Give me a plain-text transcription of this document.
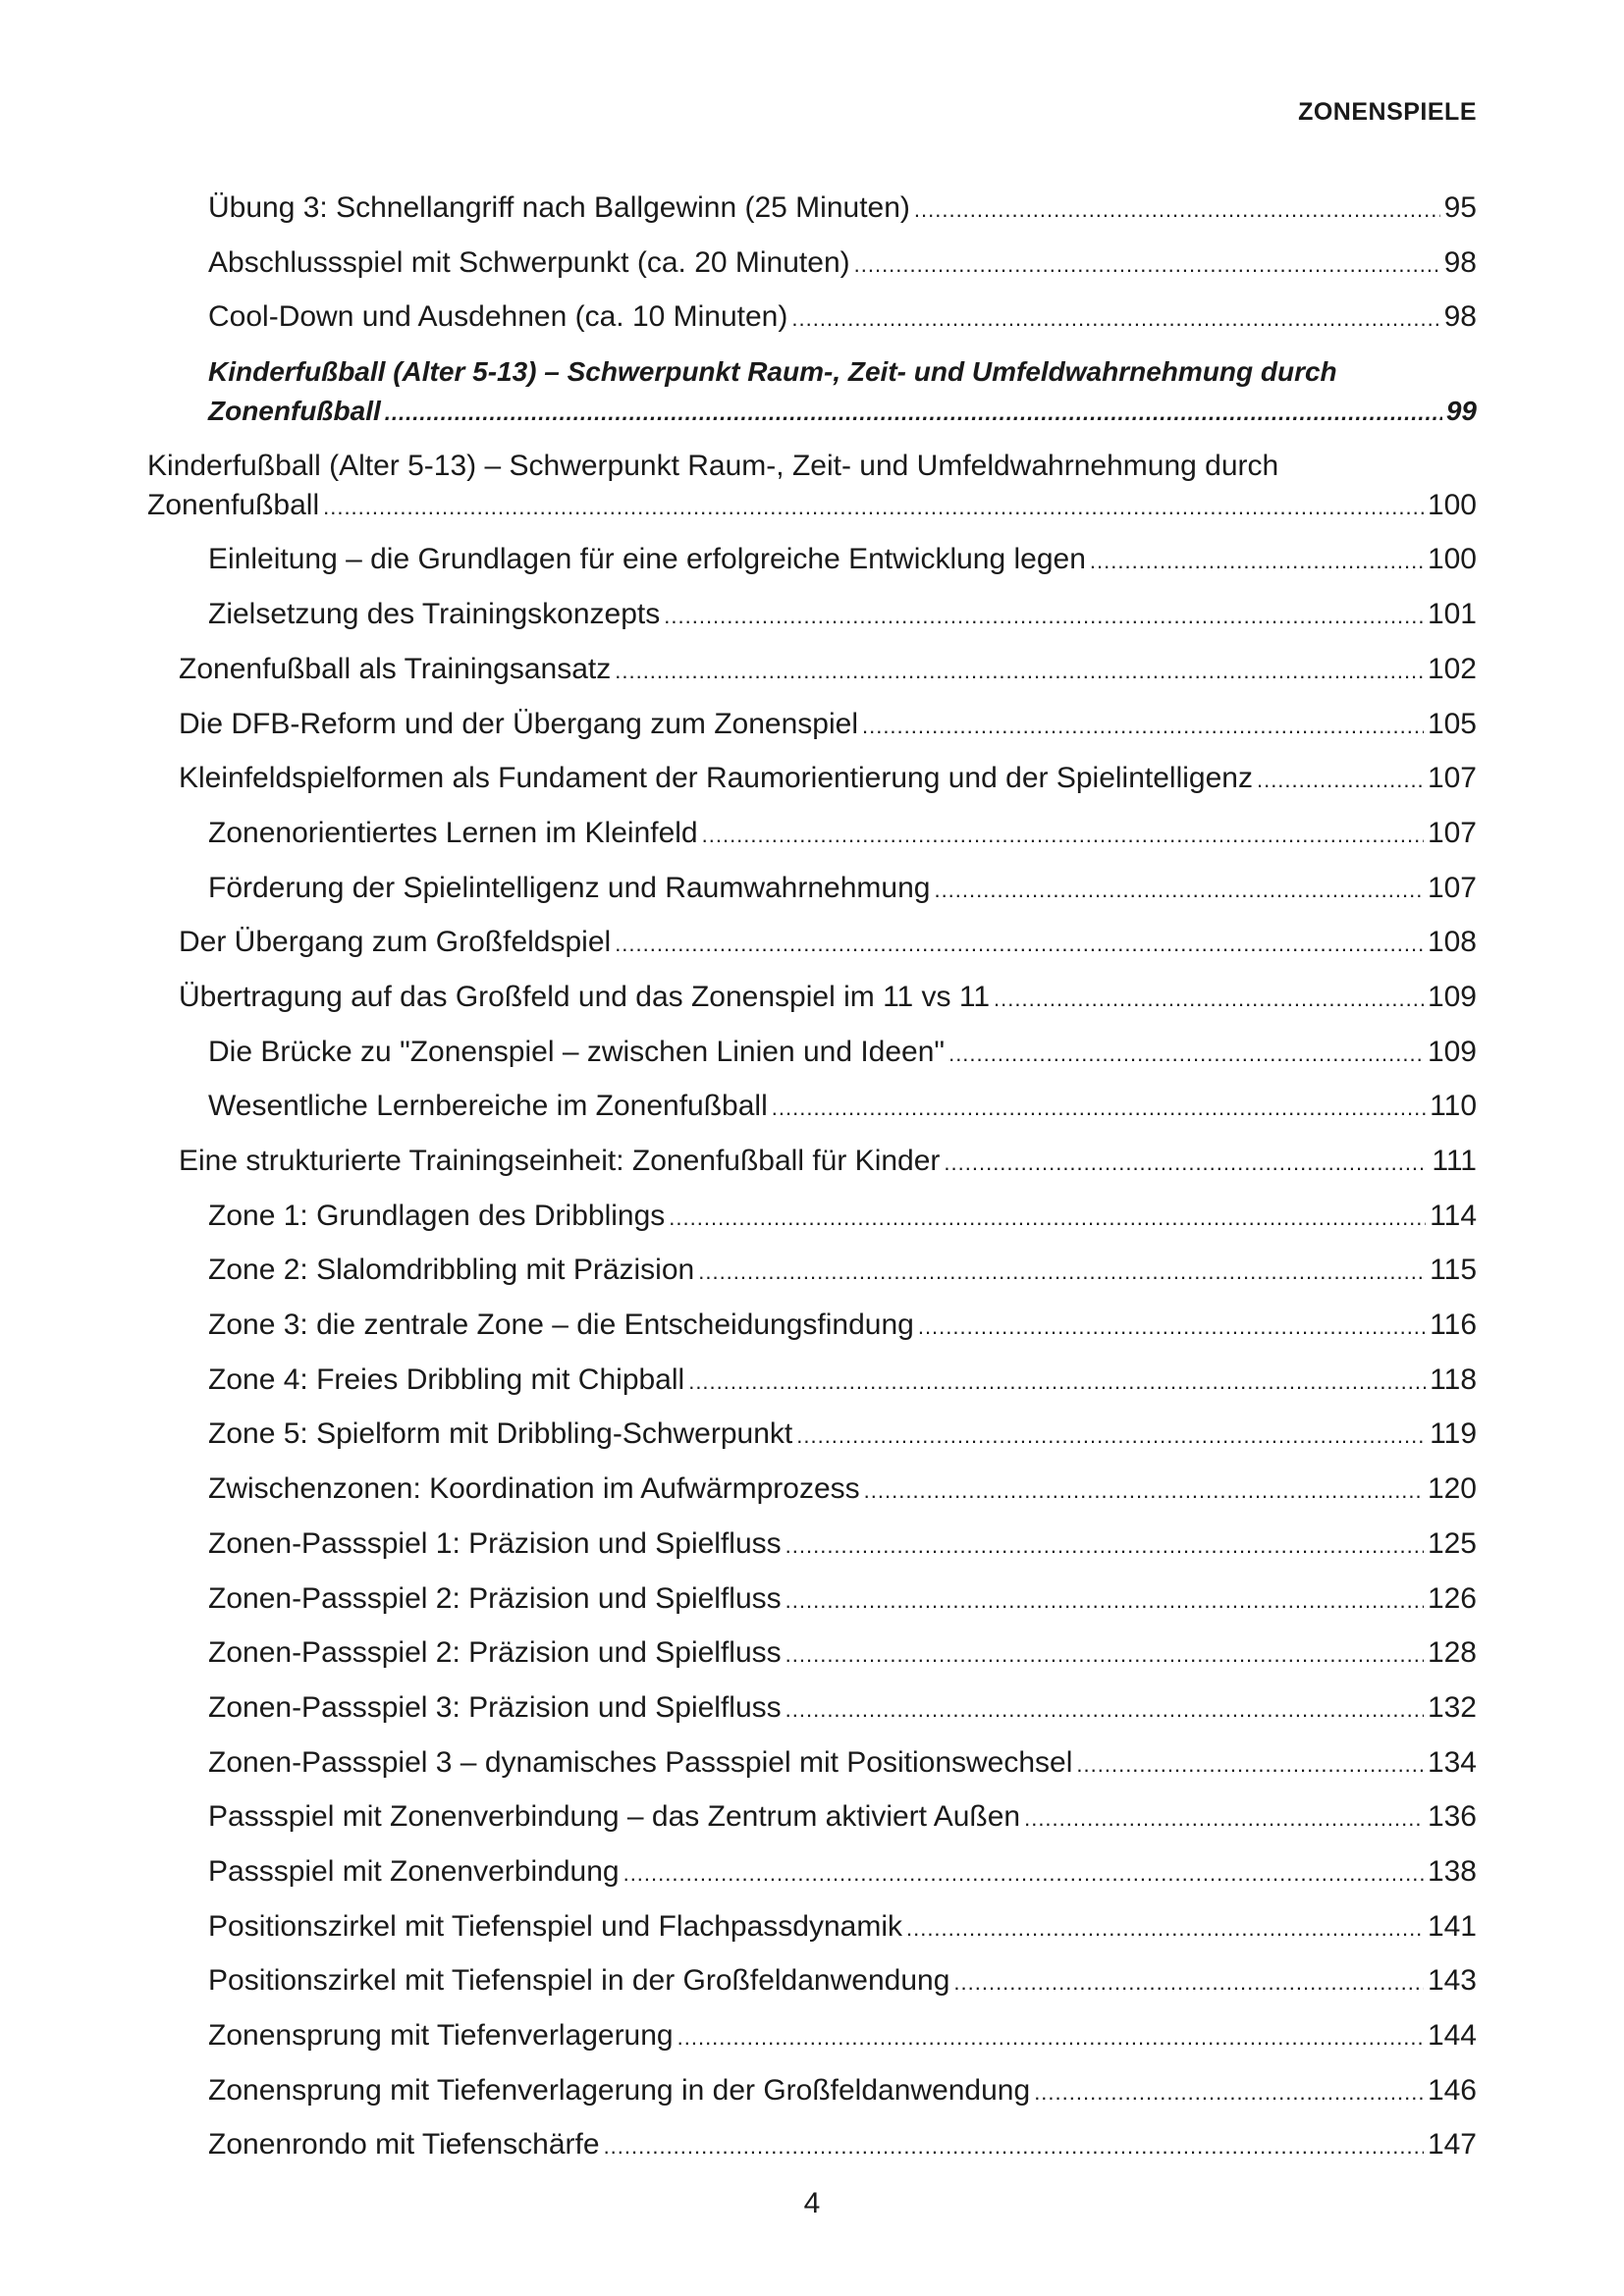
ZONENSPIELE
Übung 3: Schnellangriff nach Ballgewinn (25 Minuten) .....	95
Abschlussspiel mit Schwerpunkt (ca. 20 Minuten) .....	98
Cool-Down und Ausdehnen (ca. 10 Minuten) .....	98
Kinderfußball (Alter 5-13) – Schwerpunkt Raum-, Zeit- und Umfeldwahrnehmung durch
Zonenfußball .....	99
Kinderfußball (Alter 5-13) – Schwerpunkt Raum-, Zeit- und Umfeldwahrnehmung durch
Zonenfußball .....	100
Einleitung – die Grundlagen für eine erfolgreiche Entwicklung legen .....	100
Zielsetzung des Trainingskonzepts .....	101
Zonenfußball als Trainingsansatz .....	102
Die DFB-Reform und der Übergang zum Zonenspiel .....	105
Kleinfeldspielformen als Fundament der Raumorientierung und der Spielintelligenz .....	107
Zonenorientiertes Lernen im Kleinfeld .....	107
Förderung der Spielintelligenz und Raumwahrnehmung .....	107
Der Übergang zum Großfeldspiel .....	108
Übertragung auf das Großfeld und das Zonenspiel im 11 vs 11 .....	109
Die Brücke zu "Zonenspiel – zwischen Linien und Ideen" .....	109
Wesentliche Lernbereiche im Zonenfußball .....	110
Eine strukturierte Trainingseinheit: Zonenfußball für Kinder .....	111
Zone 1: Grundlagen des Dribblings .....	114
Zone 2: Slalomdribbling mit Präzision .....	115
Zone 3: die zentrale Zone – die Entscheidungsfindung .....	116
Zone 4: Freies Dribbling mit Chipball .....	118
Zone 5: Spielform mit Dribbling-Schwerpunkt .....	119
Zwischenzonen: Koordination im Aufwärmprozess .....	120
Zonen-Passspiel 1: Präzision und Spielfluss .....	125
Zonen-Passspiel 2: Präzision und Spielfluss .....	126
Zonen-Passspiel 2: Präzision und Spielfluss .....	128
Zonen-Passspiel 3: Präzision und Spielfluss .....	132
Zonen-Passspiel 3 – dynamisches Passspiel mit Positionswechsel .....	134
Passspiel mit Zonenverbindung – das Zentrum aktiviert Außen .....	136
Passspiel mit Zonenverbindung .....	138
Positionszirkel mit Tiefenspiel und Flachpassdynamik .....	141
Positionszirkel mit Tiefenspiel in der Großfeldanwendung .....	143
Zonensprung mit Tiefenverlagerung .....	144
Zonensprung mit Tiefenverlagerung in der Großfeldanwendung .....	146
Zonenrondo mit Tiefenschärfe .....	147
4
